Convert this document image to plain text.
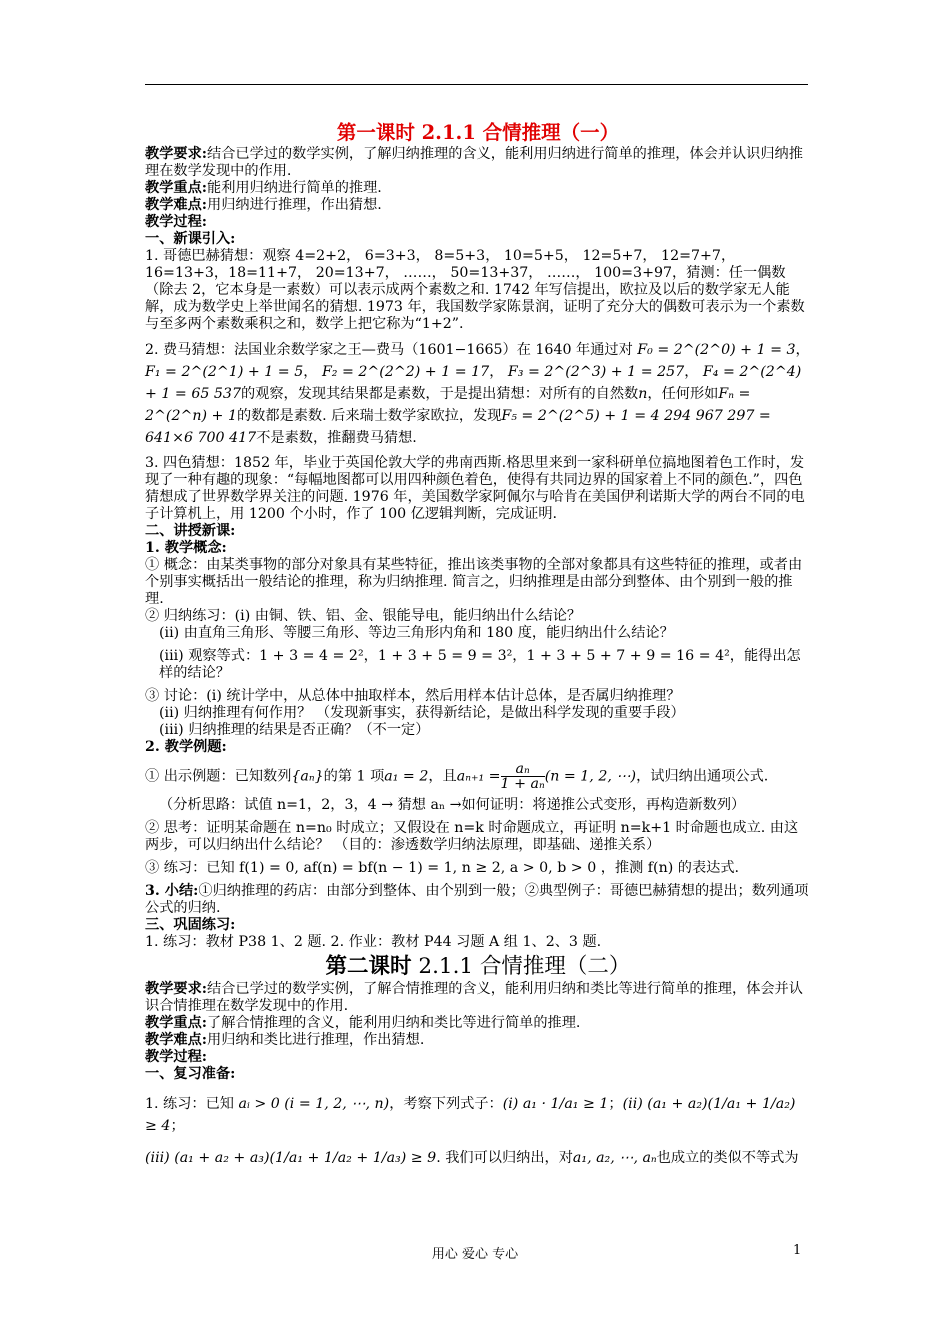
第一课时 2.1.1 合情推理（一）

教学要求:结合已学过的数学实例，了解归纳推理的含义，能利用归纳进行简单的推理，体会并认识归纳推理在数学发现中的作用.

教学重点:能利用归纳进行简单的推理.

教学难点:用归纳进行推理，作出猜想.

教学过程:

一、新课引入:

1. 哥德巴赫猜想：观察 4=2+2， 6=3+3， 8=5+3， 10=5+5， 12=5+7， 12=7+7， 16=13+3，18=11+7， 20=13+7， ……， 50=13+37， ……， 100=3+97，猜测：任一偶数（除去 2，它本身是一素数）可以表示成两个素数之和. 1742 年写信提出，欧拉及以后的数学家无人能解，成为数学史上举世闻名的猜想. 1973 年，我国数学家陈景润，证明了充分大的偶数可表示为一个素数与至多两个素数乘积之和，数学上把它称为“1+2”.

2. 费马猜想：法国业余数学家之王—费马（1601−1665）在 1640 年通过对 F₀ = 2^(2^0) + 1 = 3， F₁ = 2^(2^1) + 1 = 5， F₂ = 2^(2^2) + 1 = 17， F₃ = 2^(2^3) + 1 = 257， F₄ = 2^(2^4) + 1 = 65 537的观察，发现其结果都是素数，于是提出猜想：对所有的自然数n，任何形如Fₙ = 2^(2^n) + 1的数都是素数. 后来瑞士数学家欧拉，发现F₅ = 2^(2^5) + 1 = 4 294 967 297 = 641×6 700 417不是素数，推翻费马猜想.

3. 四色猜想：1852 年，毕业于英国伦敦大学的弗南西斯.格思里来到一家科研单位搞地图着色工作时，发现了一种有趣的现象：“每幅地图都可以用四种颜色着色，使得有共同边界的国家着上不同的颜色.”，四色猜想成了世界数学界关注的问题. 1976 年，美国数学家阿佩尔与哈肯在美国伊利诺斯大学的两台不同的电子计算机上，用 1200 个小时，作了 100 亿逻辑判断，完成证明.

二、讲授新课:

1. 教学概念:

① 概念：由某类事物的部分对象具有某些特征，推出该类事物的全部对象都具有这些特征的推理，或者由个别事实概括出一般结论的推理，称为归纳推理. 简言之，归纳推理是由部分到整体、由个别到一般的推理.

② 归纳练习：(i) 由铜、铁、铝、金、银能导电，能归纳出什么结论？

(ii) 由直角三角形、等腰三角形、等边三角形内角和 180 度，能归纳出什么结论？

(iii) 观察等式：1 + 3 = 4 = 2²，1 + 3 + 5 = 9 = 3²，1 + 3 + 5 + 7 + 9 = 16 = 4²，能得出怎样的结论？

③ 讨论：(i) 统计学中，从总体中抽取样本，然后用样本估计总体，是否属归纳推理？

(ii) 归纳推理有何作用？ （发现新事实，获得新结论，是做出科学发现的重要手段）

(iii) 归纳推理的结果是否正确？（不一定）

2. 教学例题:

① 出示例题：已知数列{aₙ}的第 1 项a₁ = 2，且$a_{n+1} = \frac{\text{aₙ}}{\text{1 + aₙ}} (n = 1$, 2, ⋯)，试归纳出通项公式.

（分析思路：试值 n=1，2，3，4 → 猜想 aₙ →如何证明：将递推公式变形，再构造新数列）

② 思考：证明某命题在 n=n₀ 时成立；又假设在 n=k 时命题成立，再证明 n=k+1 时命题也成立. 由这两步，可以归纳出什么结论？ （目的：渗透数学归纳法原理，即基础、递推关系）

③ 练习：已知 f(1) = 0, af(n) = bf(n − 1) = 1, n ≥ 2, a > 0, b > 0 ，推测 f(n) 的表达式.

3. 小结:①归纳推理的药店：由部分到整体、由个别到一般；②典型例子：哥德巴赫猜想的提出；数列通项公式的归纳.

三、巩固练习:

1. 练习：教材 P38 1、2 题. 2. 作业：教材 P44 习题 A 组 1、2、3 题.

第二课时 2.1.1 合情推理（二）

教学要求:结合已学过的数学实例，了解合情推理的含义，能利用归纳和类比等进行简单的推理，体会并认识合情推理在数学发现中的作用.

教学重点:了解合情推理的含义，能利用归纳和类比等进行简单的推理.

教学难点:用归纳和类比进行推理，作出猜想.

教学过程:

一、复习准备:

1. 练习：已知 aᵢ > 0 (i = 1, 2, ⋯, n)，考察下列式子：(i) a₁ · 1/a₁ ≥ 1；(ii) (a₁ + a₂)(1/a₁ + 1/a₂) ≥ 4；

(iii) (a₁ + a₂ + a₃)(1/a₁ + 1/a₂ + 1/a₃) ≥ 9. 我们可以归纳出，对a₁, a₂, ⋯, aₙ也成立的类似不等式为

用心 爱心 专心	1
